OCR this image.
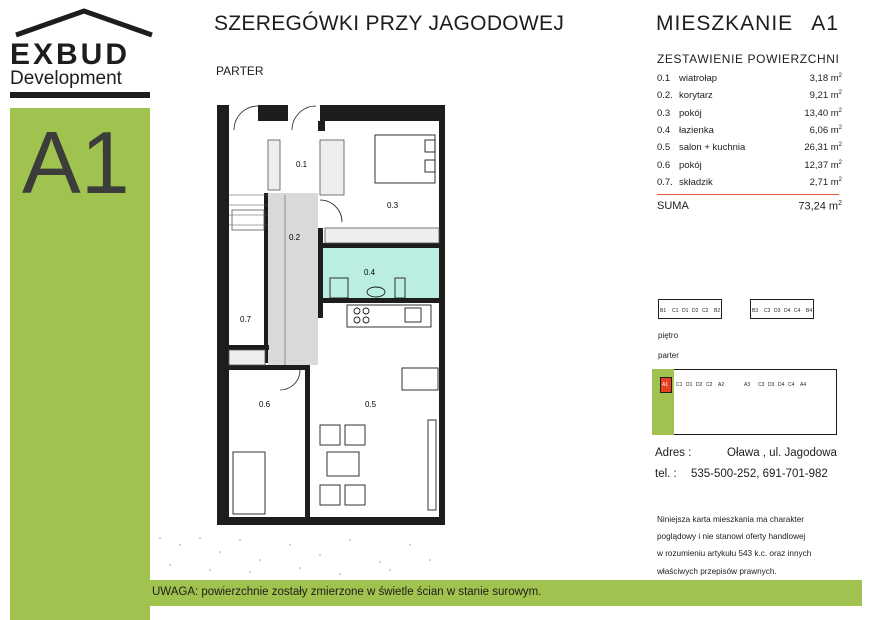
EXBUD
Development
A1
SZEREGÓWKI PRZY JAGODOWEJ
PARTER
MIESZKANIE A1
ZESTAWIENIE POWIERZCHNI
0.1 wiatrołap	3,18 $m^2$
0.2. korytarz	9,21 $m^2$
0.3 pokój	13,40 $m^2$
0.4 łazienka	6,06 $m^2$
0.5 salon + kuchnia	26,31 $m^2$
0.6 pokój	12,37 $m^2$
0.7. składzik	2,71 $m^2$
SUMA	73,24 $m^2$
0.1
0.2
0.3
0.4
0.5
0.6
0.7
piętro
parter
B1 C1 D1 D2 C2 B2	B3 C3 D3 D4 C4 B4
A1 C1 D1 D2 C2 A2	A3 C3 D3 D4 C4 A4
Adres :	Oława , ul. Jagodowa
tel. : 535-500-252, 691-701-982
Niniejsza karta mieszkania ma charakter
poglądowy i nie stanowi oferty handlowej
w rozumieniu artykułu 543 k.c. oraz innych
właściwych przepisów prawnych.
UWAGA: powierzchnie zostały zmierzone w świetle ścian w stanie surowym.
